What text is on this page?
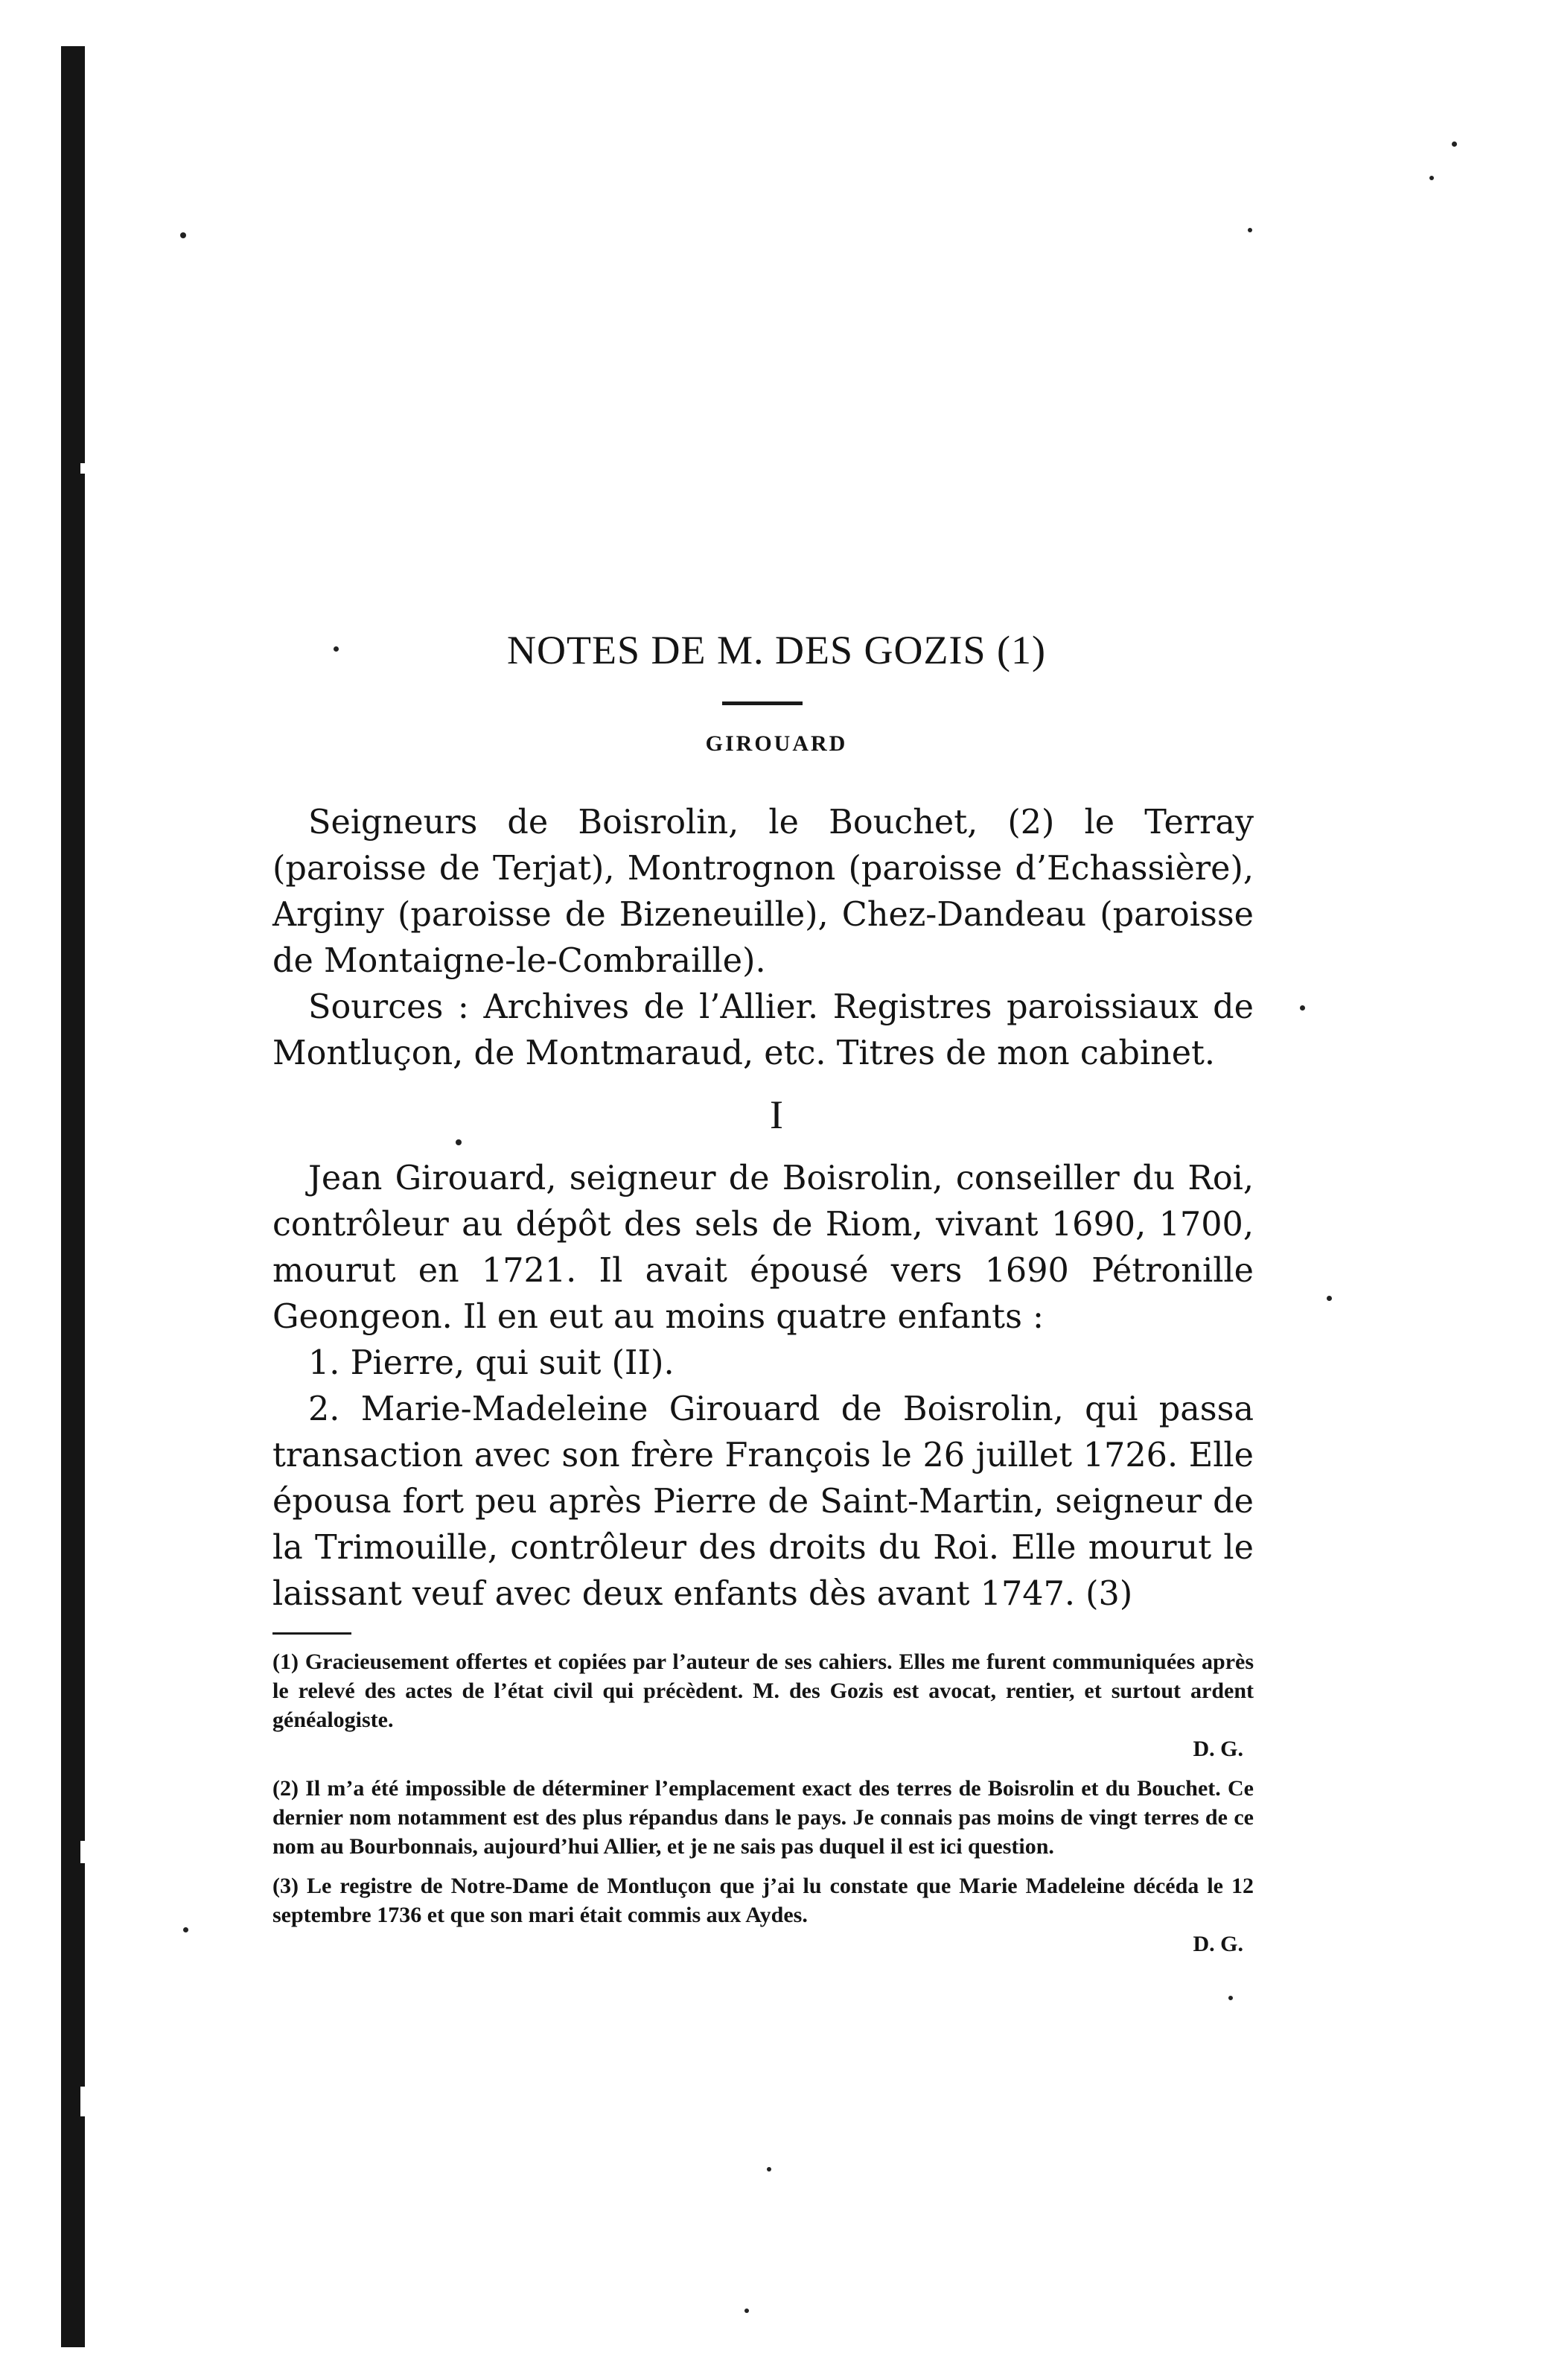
NOTES DE M. DES GOZIS (1)
GIROUARD

Seigneurs de Boisrolin, le Bouchet, (2) le Terray (paroisse de Terjat), Montrognon (paroisse d’Echassière), Arginy (paroisse de Bizeneuille), Chez-Dandeau (paroisse de Montaigne-le-Combraille).

Sources : Archives de l’Allier. Registres paroissiaux de Montluçon, de Montmaraud, etc. Titres de mon cabinet.

I

Jean Girouard, seigneur de Boisrolin, conseiller du Roi, contrôleur au dépôt des sels de Riom, vivant 1690, 1700, mourut en 1721. Il avait épousé vers 1690 Pétronille Geongeon. Il en eut au moins quatre enfants :

1. Pierre, qui suit (II).

2. Marie-Madeleine Girouard de Boisrolin, qui passa transaction avec son frère François le 26 juillet 1726. Elle épousa fort peu après Pierre de Saint-Martin, seigneur de la Trimouille, contrôleur des droits du Roi. Elle mourut le laissant veuf avec deux enfants dès avant 1747. (3)

(1) Gracieusement offertes et copiées par l’auteur de ses cahiers. Elles me furent communiquées après le relevé des actes de l’état civil qui précèdent. M. des Gozis est avocat, rentier, et surtout ardent généalogiste.
D. G.

(2) Il m’a été impossible de déterminer l’emplacement exact des terres de Boisrolin et du Bouchet. Ce dernier nom notamment est des plus répandus dans le pays. Je connais pas moins de vingt terres de ce nom au Bourbonnais, aujourd’hui Allier, et je ne sais pas duquel il est ici question.

(3) Le registre de Notre-Dame de Montluçon que j’ai lu constate que Marie Madeleine décéda le 12 septembre 1736 et que son mari était commis aux Aydes.
D. G.
